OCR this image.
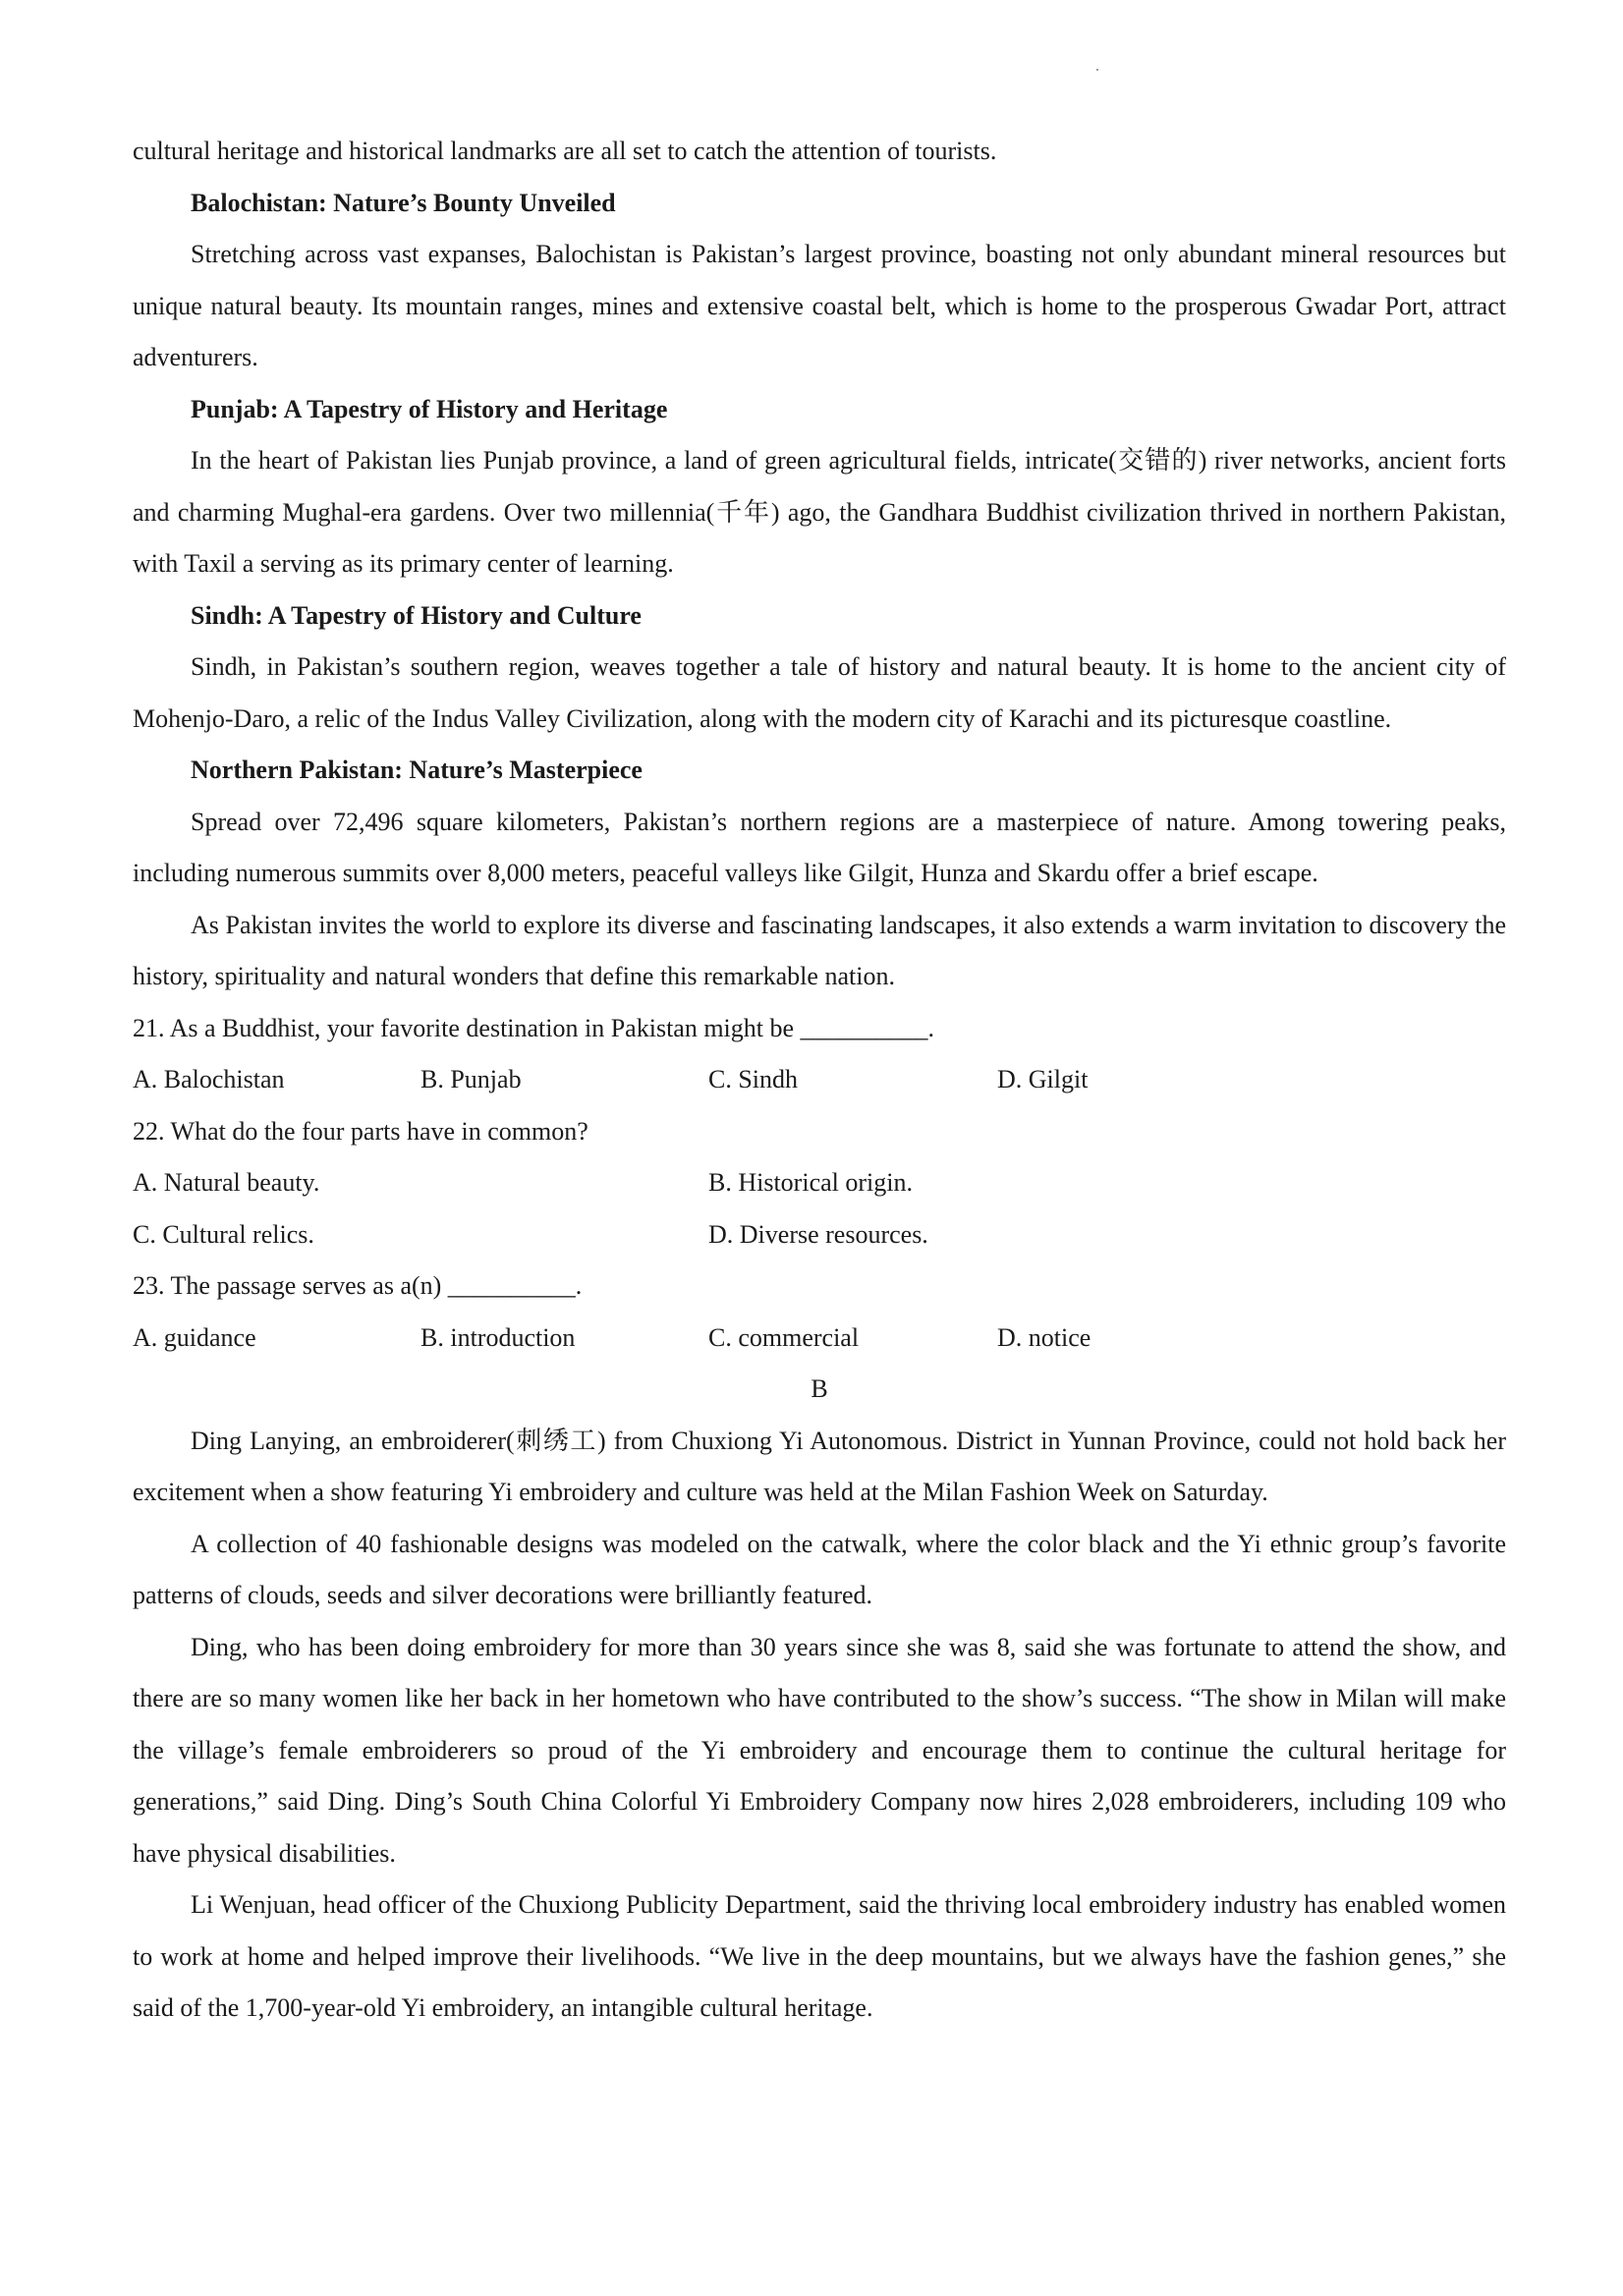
cultural heritage and historical landmarks are all set to catch the attention of tourists.
Balochistan: Nature’s Bounty Unveiled

Stretching across vast expanses, Balochistan is Pakistan’s largest province, boasting not only abundant mineral resources but unique natural beauty. Its mountain ranges, mines and extensive coastal belt, which is home to the prosperous Gwadar Port, attract adventurers.

Punjab: A Tapestry of History and Heritage

In the heart of Pakistan lies Punjab province, a land of green agricultural fields, intricate(交错的) river networks, ancient forts and charming Mughal-era gardens. Over two millennia(千年) ago, the Gandhara Buddhist civilization thrived in northern Pakistan, with Taxil a serving as its primary center of learning.

Sindh: A Tapestry of History and Culture

Sindh, in Pakistan’s southern region, weaves together a tale of history and natural beauty. It is home to the ancient city of Mohenjo-Daro, a relic of the Indus Valley Civilization, along with the modern city of Karachi and its picturesque coastline.

Northern Pakistan: Nature’s Masterpiece

Spread over 72,496 square kilometers, Pakistan’s northern regions are a masterpiece of nature. Among towering peaks, including numerous summits over 8,000 meters, peaceful valleys like Gilgit, Hunza and Skardu offer a brief escape.

As Pakistan invites the world to explore its diverse and fascinating landscapes, it also extends a warm invitation to discovery the history, spirituality and natural wonders that define this remarkable nation.

21. As a Buddhist, your favorite destination in Pakistan might be __________.
A. Balochistan	B. Punjab	C. Sindh	D. Gilgit
22. What do the four parts have in common?
A. Natural beauty.	B. Historical origin.
C. Cultural relics.	D. Diverse resources.
23. The passage serves as a(n) __________.
A. guidance	B. introduction	C. commercial	D. notice
B

Ding Lanying, an embroiderer(刺绣工) from Chuxiong Yi Autonomous. District in Yunnan Province, could not hold back her excitement when a show featuring Yi embroidery and culture was held at the Milan Fashion Week on Saturday.

A collection of 40 fashionable designs was modeled on the catwalk, where the color black and the Yi ethnic group’s favorite patterns of clouds, seeds and silver decorations were brilliantly featured.

Ding, who has been doing embroidery for more than 30 years since she was 8, said she was fortunate to attend the show, and there are so many women like her back in her hometown who have contributed to the show’s success. “The show in Milan will make the village’s female embroiderers so proud of the Yi embroidery and encourage them to continue the cultural heritage for generations,” said Ding. Ding’s South China Colorful Yi Embroidery Company now hires 2,028 embroiderers, including 109 who have physical disabilities.

Li Wenjuan, head officer of the Chuxiong Publicity Department, said the thriving local embroidery industry has enabled women to work at home and helped improve their livelihoods. “We live in the deep mountains, but we always have the fashion genes,” she said of the 1,700-year-old Yi embroidery, an intangible cultural heritage.
